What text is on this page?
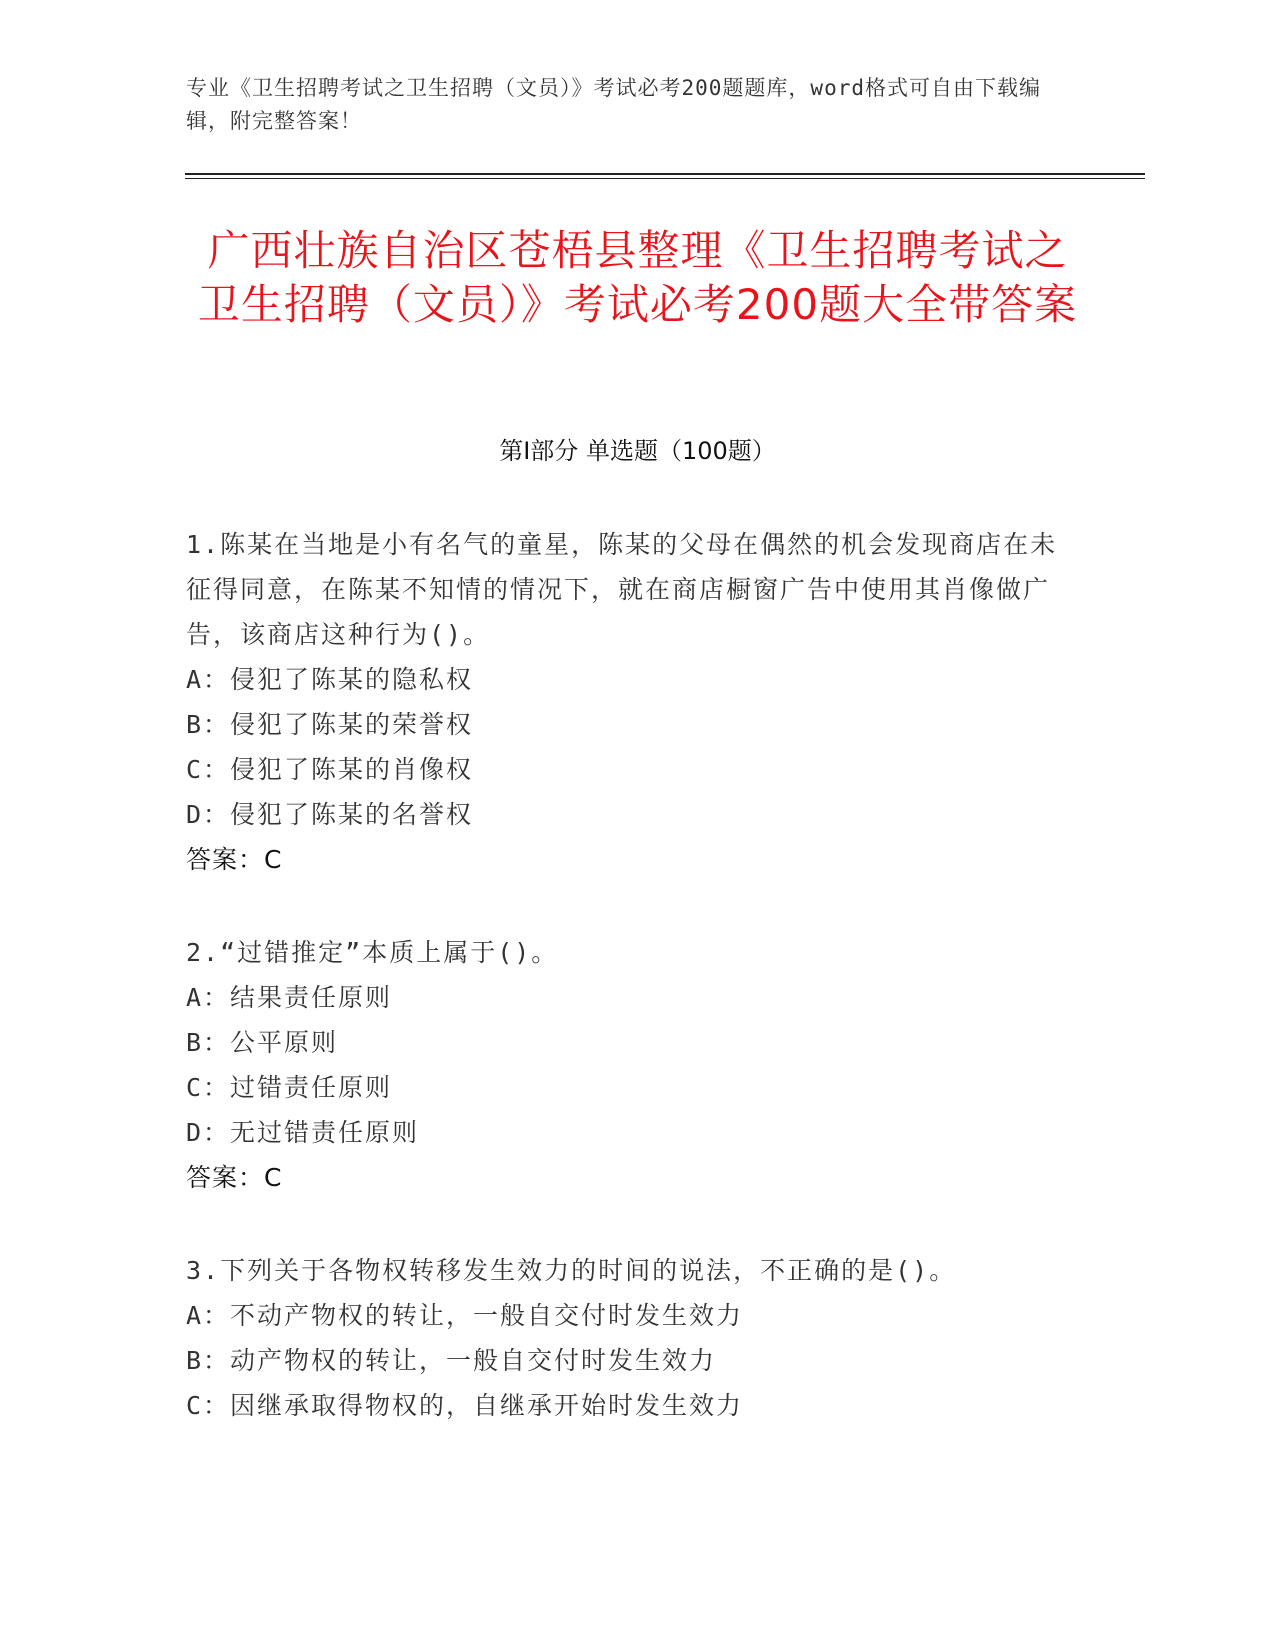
专业《卫生招聘考试之卫生招聘（文员）》考试必考200题题库，word格式可自由下载编辑，附完整答案！
广西壮族自治区苍梧县整理《卫生招聘考试之卫生招聘（文员）》考试必考200题大全带答案
第Ⅰ部分 单选题（100题）
1.陈某在当地是小有名气的童星，陈某的父母在偶然的机会发现商店在未征得同意，在陈某不知情的情况下，就在商店橱窗广告中使用其肖像做广告，该商店这种行为()。
A：侵犯了陈某的隐私权
B：侵犯了陈某的荣誉权
C：侵犯了陈某的肖像权
D：侵犯了陈某的名誉权
答案：C
2.“过错推定”本质上属于()。
A：结果责任原则
B：公平原则
C：过错责任原则
D：无过错责任原则
答案：C
3.下列关于各物权转移发生效力的时间的说法，不正确的是()。
A：不动产物权的转让，一般自交付时发生效力
B：动产物权的转让，一般自交付时发生效力
C：因继承取得物权的，自继承开始时发生效力
